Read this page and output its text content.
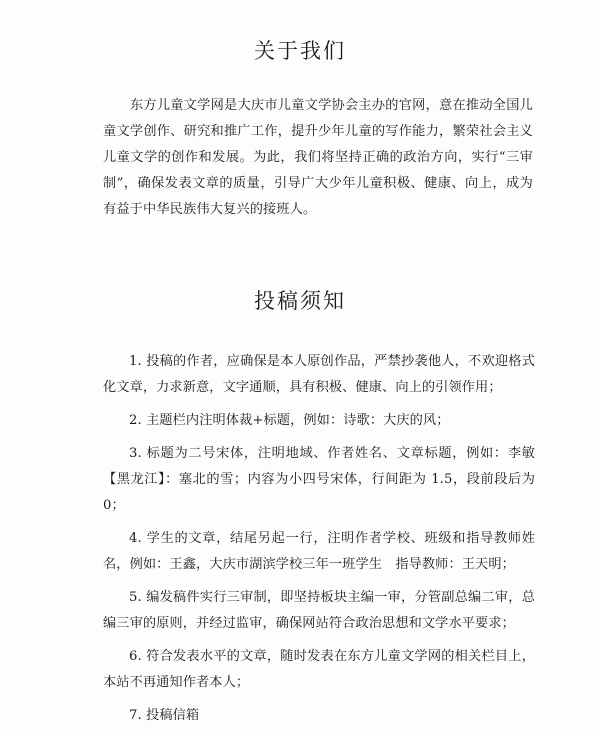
关于我们

东方儿童文学网是大庆市儿童文学协会主办的官网，意在推动全国儿童文学创作、研究和推广工作，提升少年儿童的写作能力，繁荣社会主义儿童文学的创作和发展。为此，我们将坚持正确的政治方向，实行“三审制”，确保发表文章的质量，引导广大少年儿童积极、健康、向上，成为有益于中华民族伟大复兴的接班人。

投稿须知
1. 投稿的作者，应确保是本人原创作品，严禁抄袭他人，不欢迎格式化文章，力求新意，文字通顺，具有积极、健康、向上的引领作用；
2. 主题栏内注明体裁+标题，例如：诗歌：大庆的风；
3. 标题为二号宋体，注明地域、作者姓名、文章标题，例如：李敏【黑龙江】：塞北的雪；内容为小四号宋体，行间距为 1.5，段前段后为 0；
4. 学生的文章，结尾另起一行，注明作者学校、班级和指导教师姓名，例如：王鑫，大庆市湖滨学校三年一班学生　指导教师：王天明；
5. 编发稿件实行三审制，即坚持板块主编一审，分管副总编二审，总编三审的原则，并经过监审，确保网站符合政治思想和文学水平要求；
6. 符合发表水平的文章，随时发表在东方儿童文学网的相关栏目上，本站不再通知作者本人；
7. 投稿信箱
